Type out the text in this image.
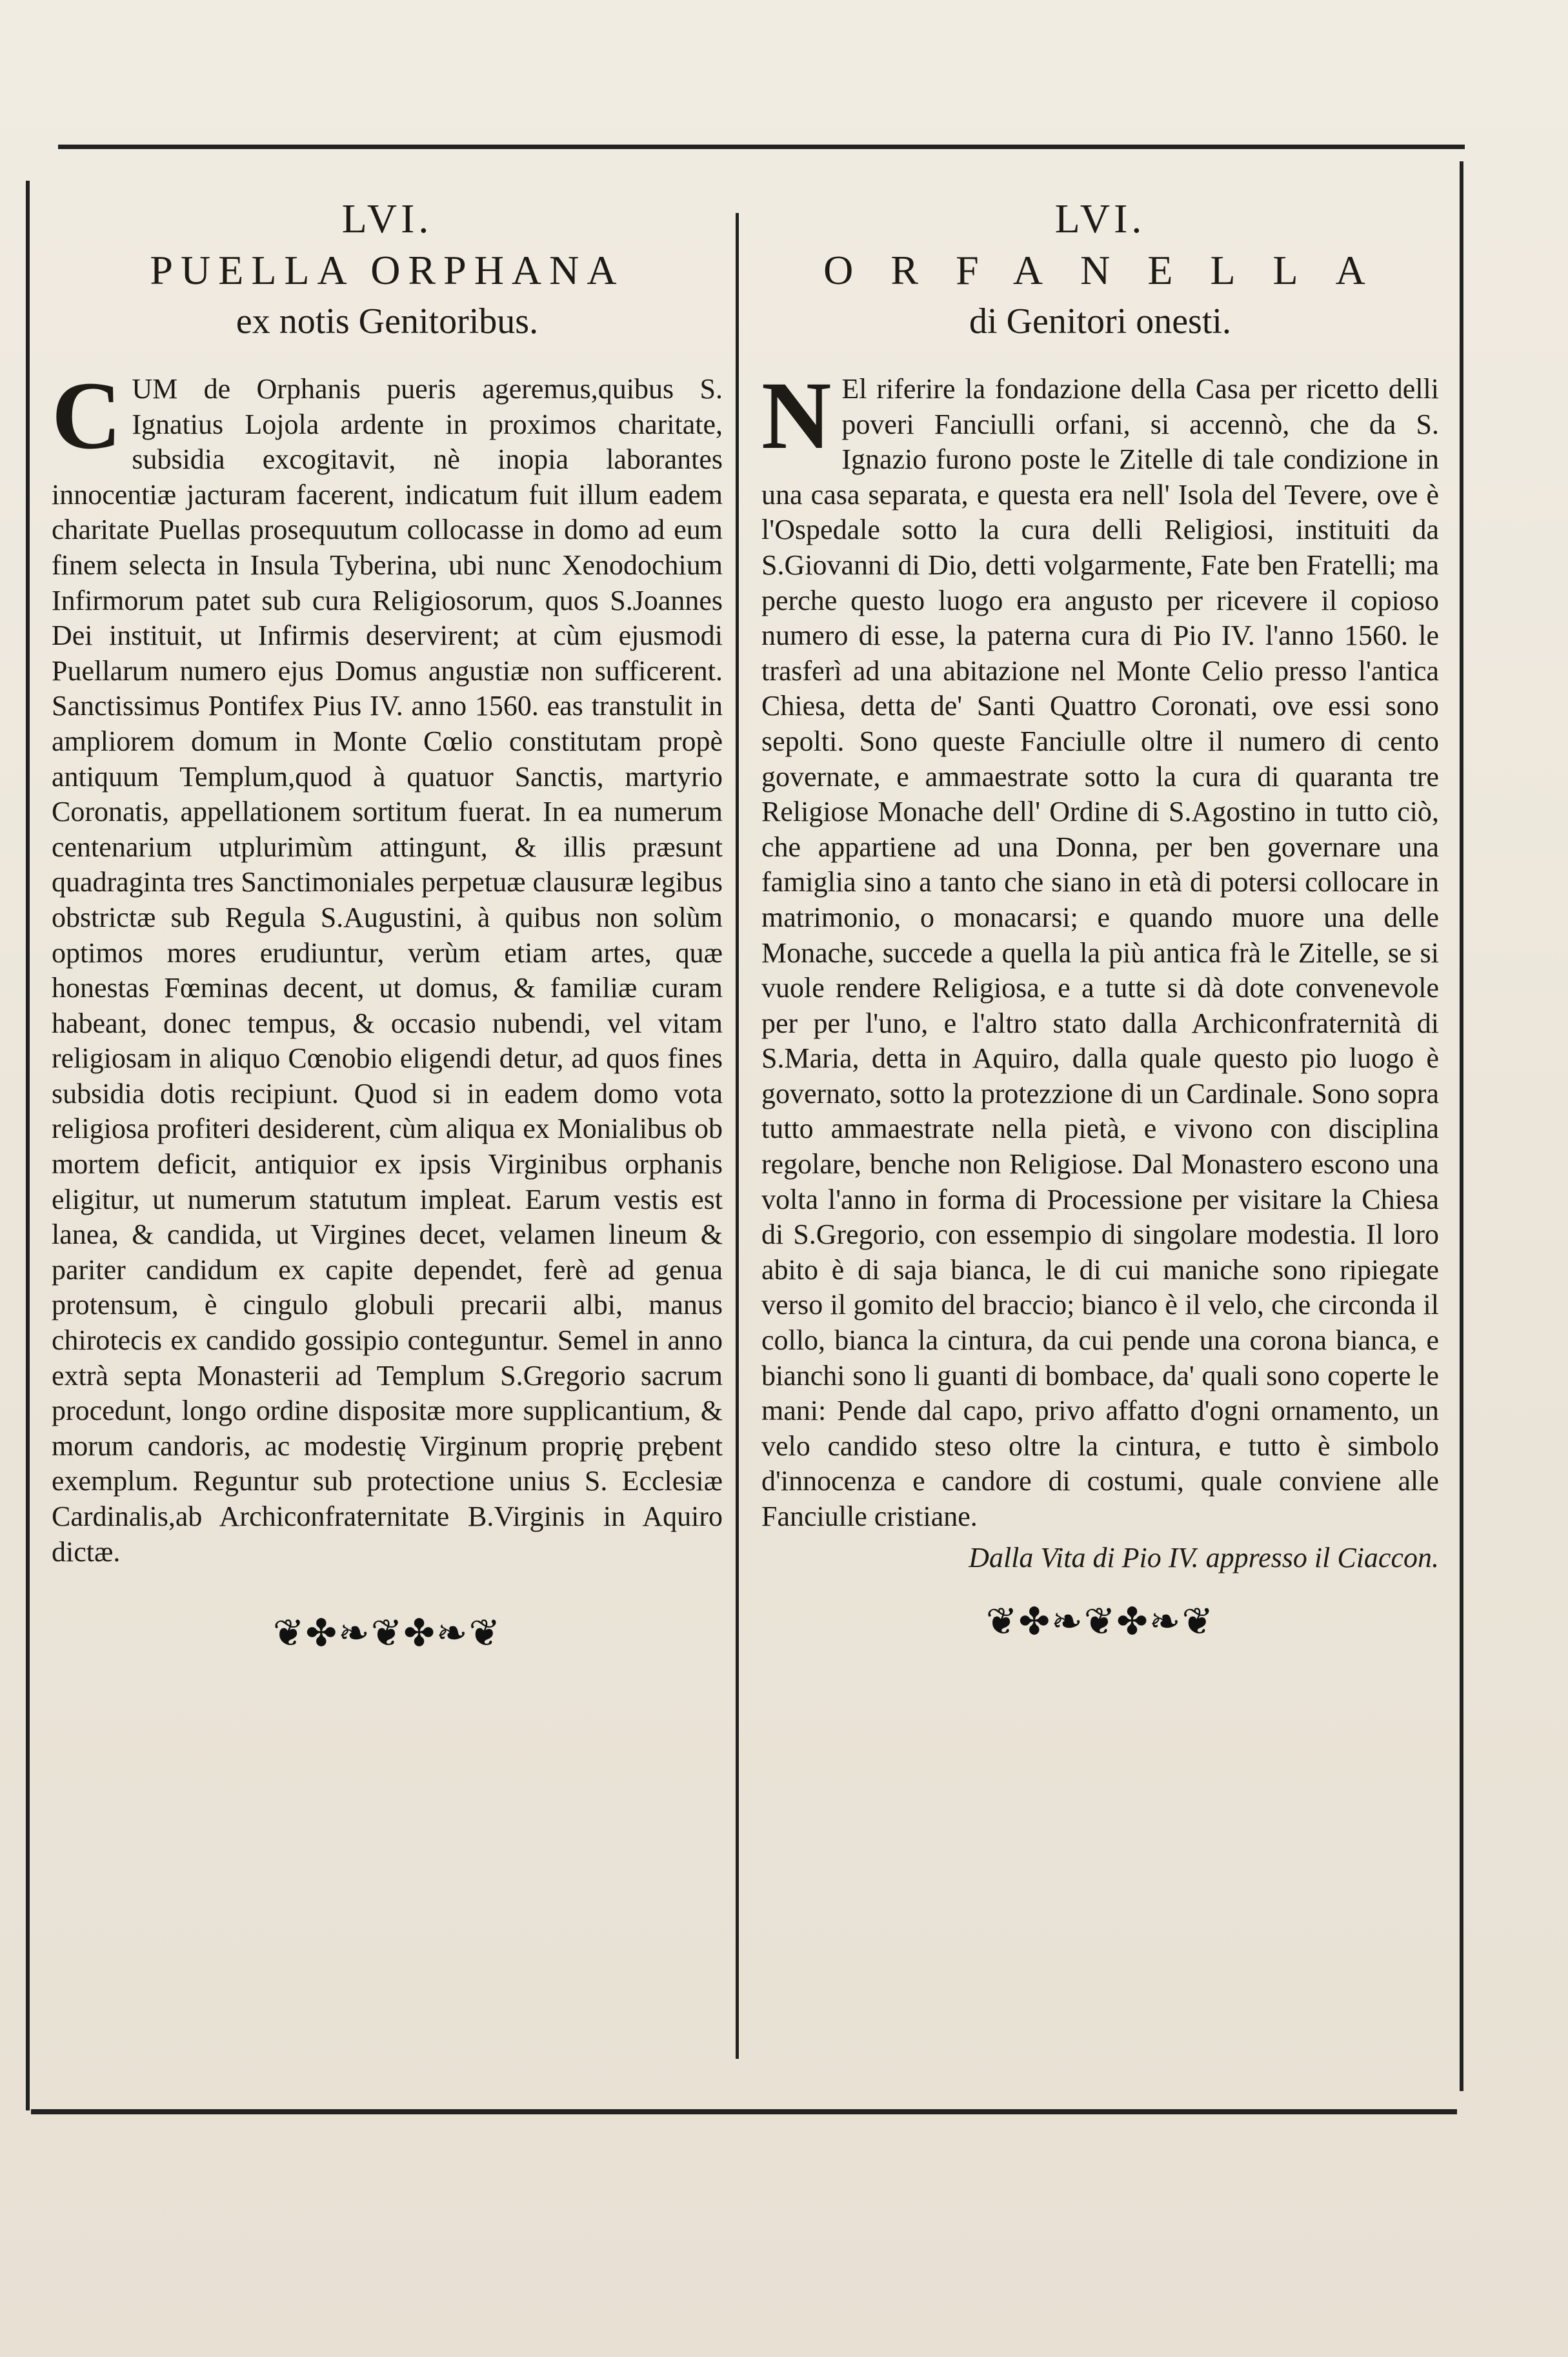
LVI.

PUELLA ORPHANA

ex notis Genitoribus.

CUM de Orphanis pueris ageremus,quibus S. Ignatius Lojola ardente in proximos charitate, subsidia excogitavit, nè inopia laborantes innocentiæ jacturam facerent, indicatum fuit illum eadem charitate Puellas prosequutum collocasse in domo ad eum finem selecta in Insula Tyberina, ubi nunc Xenodochium Infirmorum patet sub cura Religiosorum, quos S.Joannes Dei instituit, ut Infirmis deservirent; at cùm ejusmodi Puellarum numero ejus Domus angustiæ non sufficerent. Sanctissimus Pontifex Pius IV. anno 1560. eas transtulit in ampliorem domum in Monte Cœlio constitutam propè antiquum Templum,quod à quatuor Sanctis, martyrio Coronatis, appellationem sortitum fuerat. In ea numerum centenarium utplurimùm attingunt, & illis præsunt quadraginta tres Sanctimoniales perpetuæ clausuræ legibus obstrictæ sub Regula S.Augustini, à quibus non solùm optimos mores erudiuntur, verùm etiam artes, quæ honestas Fœminas decent, ut domus, & familiæ curam habeant, donec tempus, & occasio nubendi, vel vitam religiosam in aliquo Cœnobio eligendi detur, ad quos fines subsidia dotis recipiunt. Quod si in eadem domo vota religiosa profiteri desiderent, cùm aliqua ex Monialibus ob mortem deficit, antiquior ex ipsis Virginibus orphanis eligitur, ut numerum statutum impleat. Earum vestis est lanea, & candida, ut Virgines decet, velamen lineum & pariter candidum ex capite dependet, ferè ad genua protensum, è cingulo globuli precarii albi, manus chirotecis ex candido gossipio conteguntur. Semel in anno extrà septa Monasterii ad Templum S.Gregorio sacrum procedunt, longo ordine dispositæ more supplicantium, & morum candoris, ac modestię Virginum proprię prębent exemplum. Reguntur sub protectione unius S. Ecclesiæ Cardinalis,ab Archiconfraternitate B.Virginis in Aquiro dictæ.

❦✤❧❦✤❧❦

LVI.

ORFANELLA

di Genitori onesti.

N El riferire la fondazione della Casa per ricetto delli poveri Fanciulli orfani, si accennò, che da S. Ignazio furono poste le Zitelle di tale condizione in una casa separata, e questa era nell' Isola del Tevere, ove è l'Ospedale sotto la cura delli Religiosi, instituiti da S.Giovanni di Dio, detti volgarmente, Fate ben Fratelli; ma perche questo luogo era angusto per ricevere il copioso numero di esse, la paterna cura di Pio IV. l'anno 1560. le trasferì ad una abitazione nel Monte Celio presso l'antica Chiesa, detta de' Santi Quattro Coronati, ove essi sono sepolti. Sono queste Fanciulle oltre il numero di cento governate, e ammaestrate sotto la cura di quaranta tre Religiose Monache dell' Ordine di S.Agostino in tutto ciò, che appartiene ad una Donna, per ben governare una famiglia sino a tanto che siano in età di potersi collocare in matrimonio, o monacarsi; e quando muore una delle Monache, succede a quella la più antica frà le Zitelle, se si vuole rendere Religiosa, e a tutte si dà dote convenevole per per l'uno, e l'altro stato dalla Archiconfraternità di S.Maria, detta in Aquiro, dalla quale questo pio luogo è governato, sotto la protezzione di un Cardinale. Sono sopra tutto ammaestrate nella pietà, e vivono con disciplina regolare, benche non Religiose. Dal Monastero escono una volta l'anno in forma di Processione per visitare la Chiesa di S.Gregorio, con essempio di singolare modestia. Il loro abito è di saja bianca, le di cui maniche sono ripiegate verso il gomito del braccio; bianco è il velo, che circonda il collo, bianca la cintura, da cui pende una corona bianca, e bianchi sono li guanti di bombace, da' quali sono coperte le mani: Pende dal capo, privo affatto d'ogni ornamento, un velo candido steso oltre la cintura, e tutto è simbolo d'innocenza e candore di costumi, quale conviene alle Fanciulle cristiane.

Dalla Vita di Pio IV. appresso il Ciaccon.

❦✤❧❦✤❧❦
